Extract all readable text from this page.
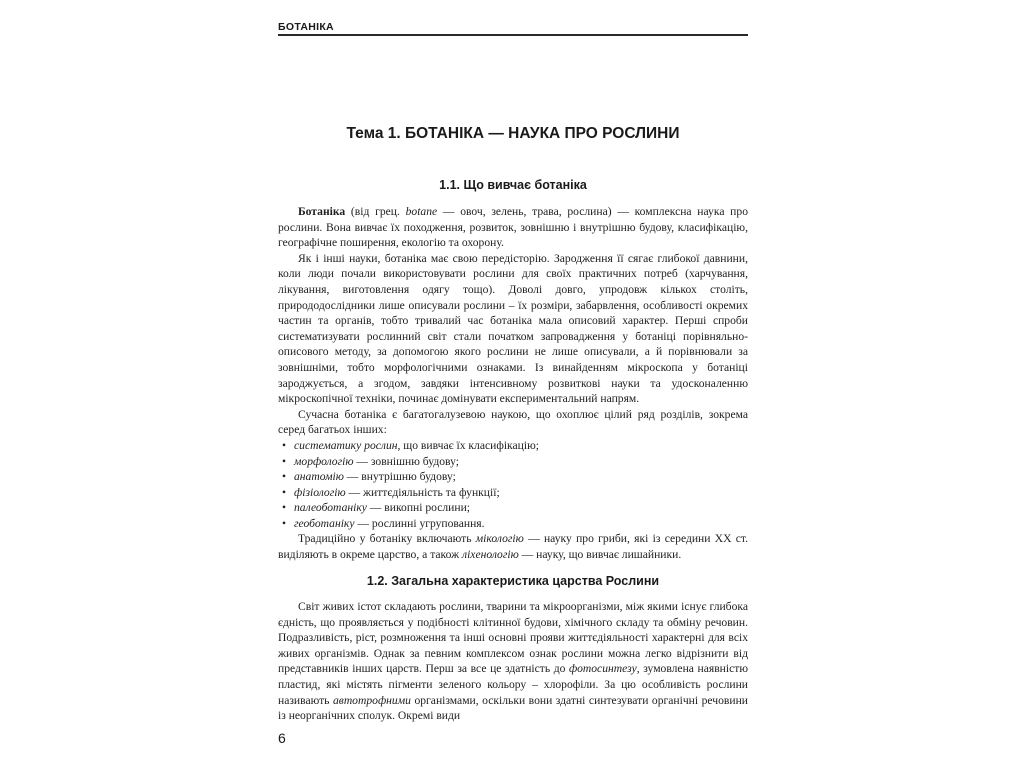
БОТАНІКА
Тема 1. БОТАНІКА — НАУКА ПРО РОСЛИНИ
1.1. Що вивчає ботаніка

Ботаніка (від грец. botane — овоч, зелень, трава, рослина) — комплексна наука про рослини. Вона вивчає їх походження, розвиток, зовнішню і внутрішню будову, класифікацію, географічне поширення, екологію та охорону.

Як і інші науки, ботаніка має свою передісторію. Зародження її сягає глибокої давнини, коли люди почали використовувати рослини для своїх практичних потреб (харчування, лікування, виготовлення одягу тощо). Доволі довго, упродовж кількох століть, природодослідники лише описували рослини – їх розміри, забарвлення, особливості окремих частин та органів, тобто тривалий час ботаніка мала описовий характер. Перші спроби систематизувати рослинний світ стали початком запровадження у ботаніці порівняльно-описового методу, за допомогою якого рослини не лише описували, а й порівнювали за зовнішніми, тобто морфологічними ознаками. Із винайденням мікроскопа у ботаніці зароджується, а згодом, завдяки інтенсивному розвиткові науки та удосконаленню мікроскопічної техніки, починає домінувати експериментальний напрям.

Сучасна ботаніка є багатогалузевою наукою, що охоплює цілий ряд розділів, зокрема серед багатьох інших:

• систематику рослин, що вивчає їх класифікацію;
• морфологію — зовнішню будову;
• анатомію — внутрішню будову;
• фізіологію — життєдіяльність та функції;
• палеоботаніку — викопні рослини;
• геоботаніку — рослинні угруповання.

Традиційно у ботаніку включають мікологію — науку про гриби, які із середини XX ст. виділяють в окреме царство, а також ліхенологію — науку, що вивчає лишайники.

1.2. Загальна характеристика царства Рослини

Світ живих істот складають рослини, тварини та мікроорганізми, між якими існує глибока єдність, що проявляється у подібності клітинної будови, хімічного складу та обміну речовин. Подразливість, ріст, розмноження та інші основні прояви життєдіяльності характерні для всіх живих організмів. Однак за певним комплексом ознак рослини можна легко відрізнити від представників інших царств. Перш за все це здатність до фотосинтезу, зумовлена наявністю пластид, які містять пігменти зеленого кольору – хлорофіли. За цю особливість рослини називають автотрофними організмами, оскільки вони здатні синтезувати органічні речовини із неорганічних сполук. Окремі види

6
